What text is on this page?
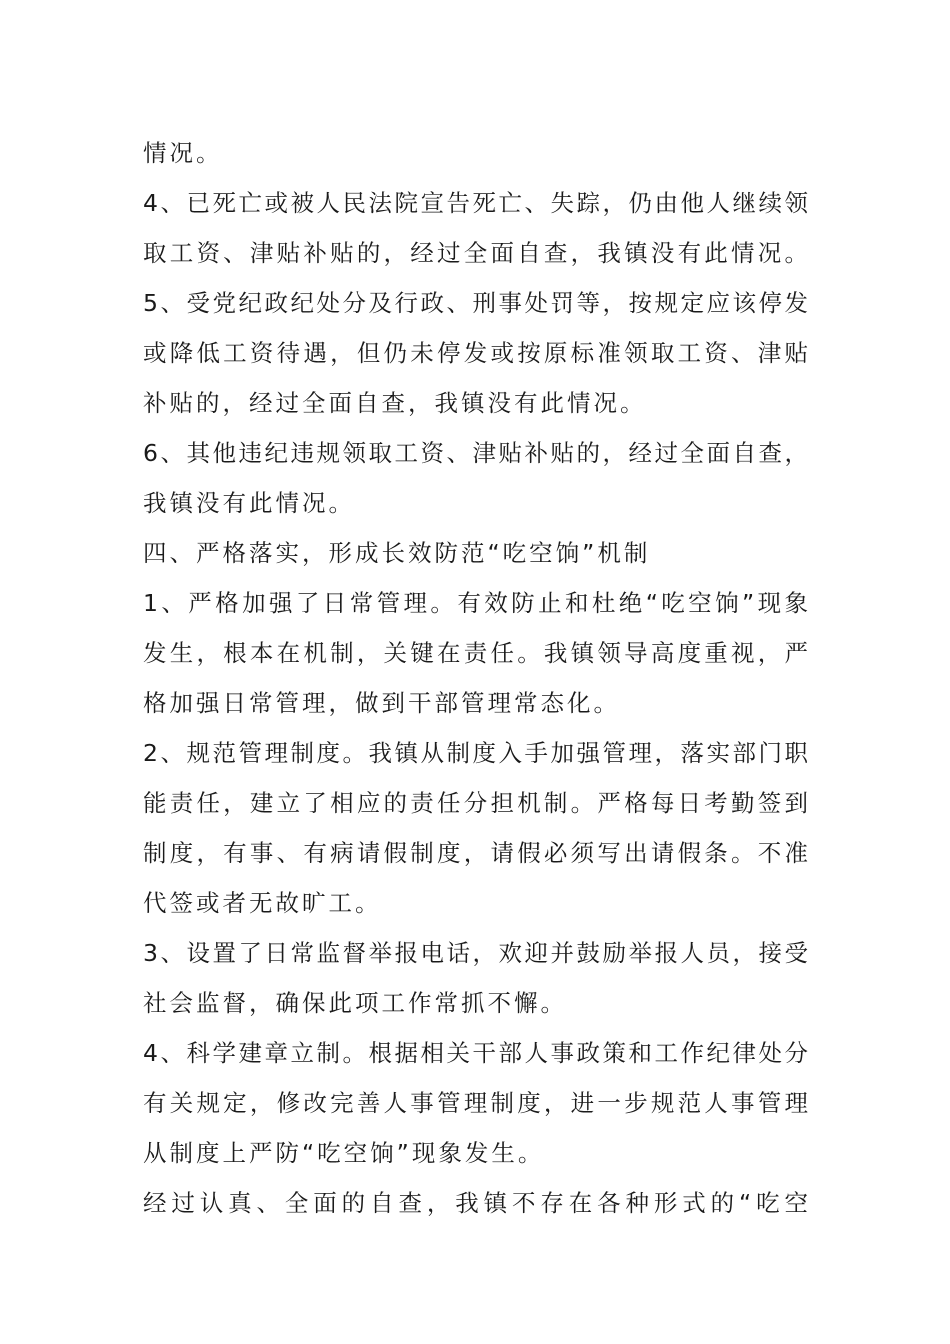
情况。
4、已死亡或被人民法院宣告死亡、失踪，仍由他人继续领
取工资、津贴补贴的，经过全面自查，我镇没有此情况。
5、受党纪政纪处分及行政、刑事处罚等，按规定应该停发
或降低工资待遇，但仍未停发或按原标准领取工资、津贴
补贴的，经过全面自查，我镇没有此情况。
6、其他违纪违规领取工资、津贴补贴的，经过全面自查，
我镇没有此情况。
四、严格落实，形成长效防范“吃空饷”机制
1、严格加强了日常管理。有效防止和杜绝“吃空饷”现象
发生，根本在机制，关键在责任。我镇领导高度重视，严
格加强日常管理，做到干部管理常态化。
2、规范管理制度。我镇从制度入手加强管理，落实部门职
能责任，建立了相应的责任分担机制。严格每日考勤签到
制度，有事、有病请假制度，请假必须写出请假条。不准
代签或者无故旷工。
3、设置了日常监督举报电话，欢迎并鼓励举报人员，接受
社会监督，确保此项工作常抓不懈。
4、科学建章立制。根据相关干部人事政策和工作纪律处分
有关规定，修改完善人事管理制度，进一步规范人事管理
从制度上严防“吃空饷”现象发生。
经过认真、全面的自查，我镇不存在各种形式的“吃空
